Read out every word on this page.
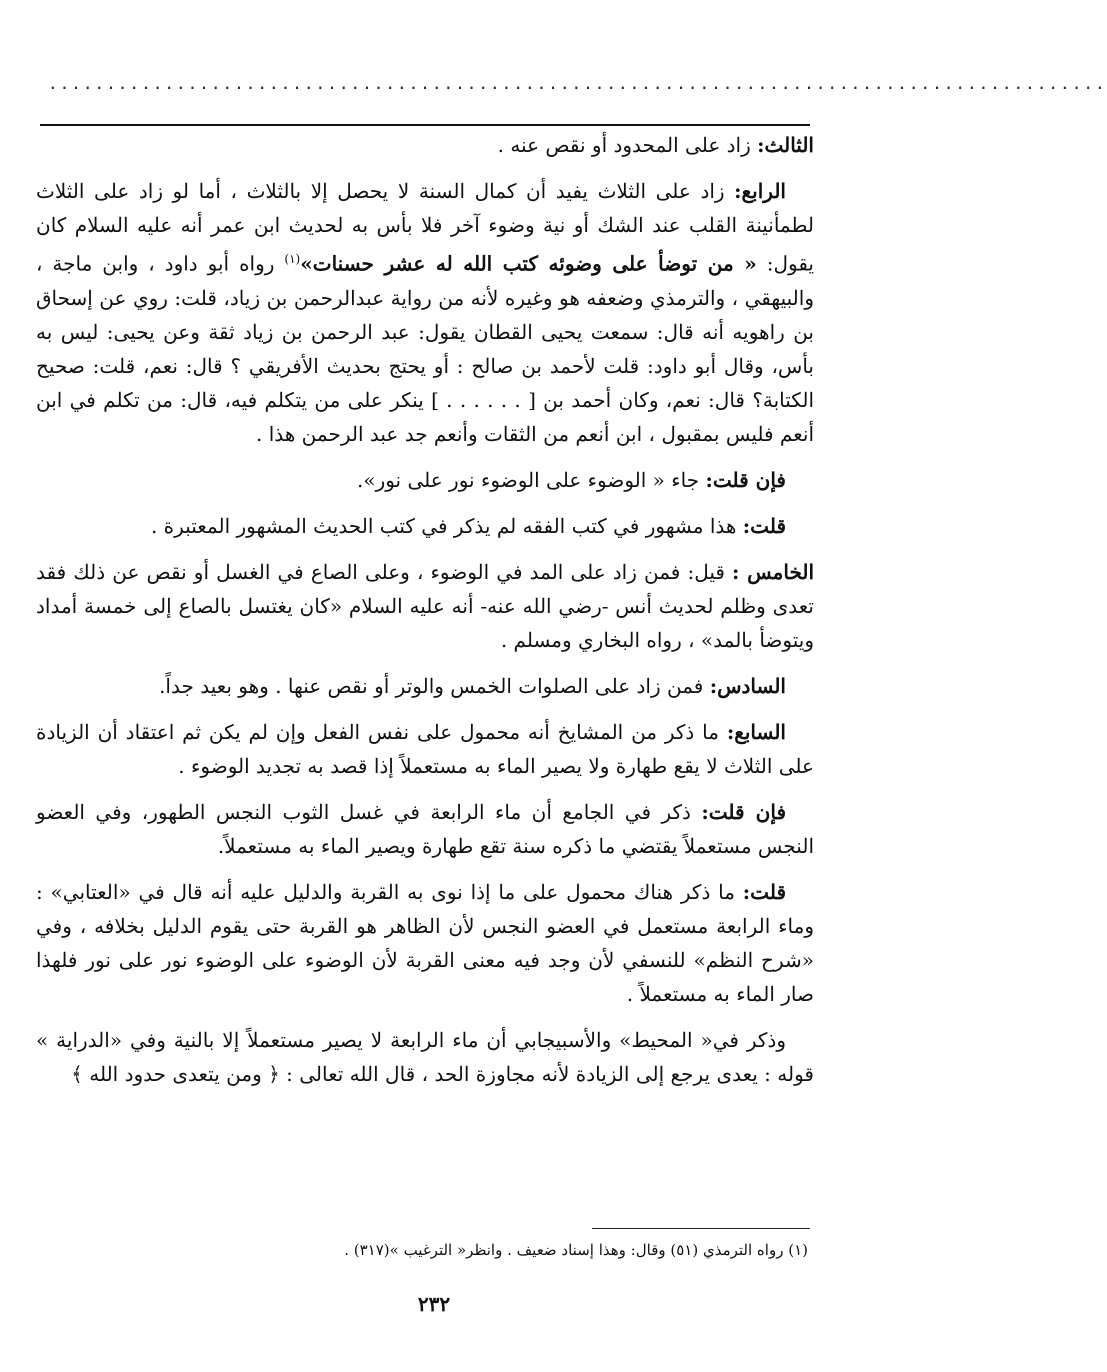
...........................................................................................

الثالث: زاد على المحدود أو نقص عنه .

الرابع: زاد على الثلاث يفيد أن كمال السنة لا يحصل إلا بالثلاث ، أما لو زاد على الثلاث لطمأنينة القلب عند الشك أو نية وضوء آخر فلا بأس به لحديث ابن عمر أنه عليه السلام كان يقول: « من توضأ على وضوئه كتب الله له عشر حسنات»$^{(١)}$ رواه أبو داود ، وابن ماجة ، والبيهقي ، والترمذي وضعفه هو وغيره لأنه من رواية عبدالرحمن بن زياد، قلت: روي عن إسحاق بن راهويه أنه قال: سمعت يحيى القطان يقول: عبد الرحمن بن زياد ثقة وعن يحيى: ليس به بأس، وقال أبو داود: قلت لأحمد بن صالح : أو يحتج بحديث الأفريقي ؟ قال: نعم، قلت: صحيح الكتابة؟ قال: نعم، وكان أحمد بن [ . . . . . . ] ينكر على من يتكلم فيه، قال: من تكلم في ابن أنعم فليس بمقبول ، ابن أنعم من الثقات وأنعم جد عبد الرحمن هذا .

فإن قلت: جاء « الوضوء على الوضوء نور على نور».

قلت: هذا مشهور في كتب الفقه لم يذكر في كتب الحديث المشهور المعتبرة .

الخامس : قيل: فمن زاد على المد في الوضوء ، وعلى الصاع في الغسل أو نقص عن ذلك فقد تعدى وظلم لحديث أنس -رضي الله عنه- أنه عليه السلام «كان يغتسل بالصاع إلى خمسة أمداد ويتوضأ بالمد» ، رواه البخاري ومسلم .

السادس: فمن زاد على الصلوات الخمس والوتر أو نقص عنها . وهو بعيد جداً.

السابع: ما ذكر من المشايخ أنه محمول على نفس الفعل وإن لم يكن ثم اعتقاد أن الزيادة على الثلاث لا يقع طهارة ولا يصير الماء به مستعملاً إذا قصد به تجديد الوضوء .

فإن قلت: ذكر في الجامع أن ماء الرابعة في غسل الثوب النجس الطهور، وفي العضو النجس مستعملاً يقتضي ما ذكره سنة تقع طهارة ويصير الماء به مستعملاً.

قلت: ما ذكر هناك محمول على ما إذا نوى به القربة والدليل عليه أنه قال في «العتابي» : وماء الرابعة مستعمل في العضو النجس لأن الظاهر هو القربة حتى يقوم الدليل بخلافه ، وفي «شرح النظم» للنسفي لأن وجد فيه معنى القربة لأن الوضوء على الوضوء نور على نور فلهذا صار الماء به مستعملاً .

وذكر في« المحيط» والأسبيجابي أن ماء الرابعة لا يصير مستعملاً إلا بالنية وفي «الدراية » قوله : يعدى يرجع إلى الزيادة لأنه مجاوزة الحد ، قال الله تعالى : ﴿ ومن يتعدى حدود الله ﴾

(١) رواه الترمذي (٥١) وقال: وهذا إسناد ضعيف . وانظر« الترغيب »(٣١٧) .
٢٣٢
